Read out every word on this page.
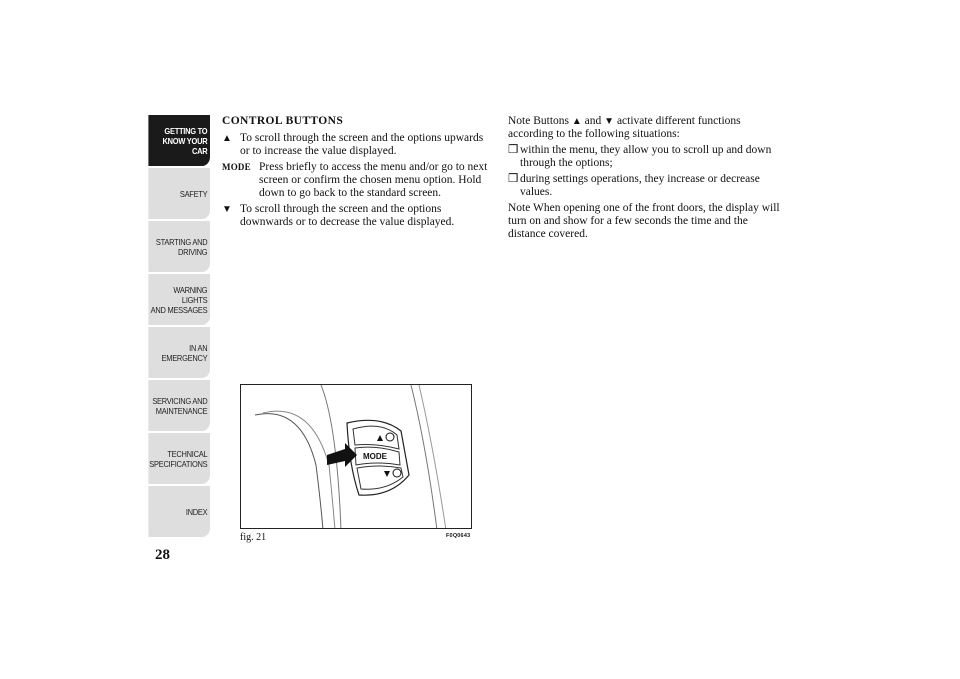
GETTING TO
KNOW YOUR CAR
SAFETY
STARTING AND
DRIVING
WARNING LIGHTS
AND MESSAGES
IN AN EMERGENCY
SERVICING AND
MAINTENANCE
TECHNICAL
SPECIFICATIONS
INDEX
28
CONTROL BUTTONS
▲ To scroll through the screen and the options upwards or to increase the value displayed.
MODE Press briefly to access the menu and/or go to next screen or confirm the chosen menu option. Hold down to go back to the standard screen.
▼ To scroll through the screen and the options downwards or to decrease the value displayed.

Note Buttons ▲ and ▼ activate different functions according to the following situations:

❒ within the menu, they allow you to scroll up and down through the options;
❒ during settings operations, they increase or decrease values.

Note When opening one of the front doors, the display will turn on and show for a few seconds the time and the distance covered.

MODE
fig. 21	F0Q0643
